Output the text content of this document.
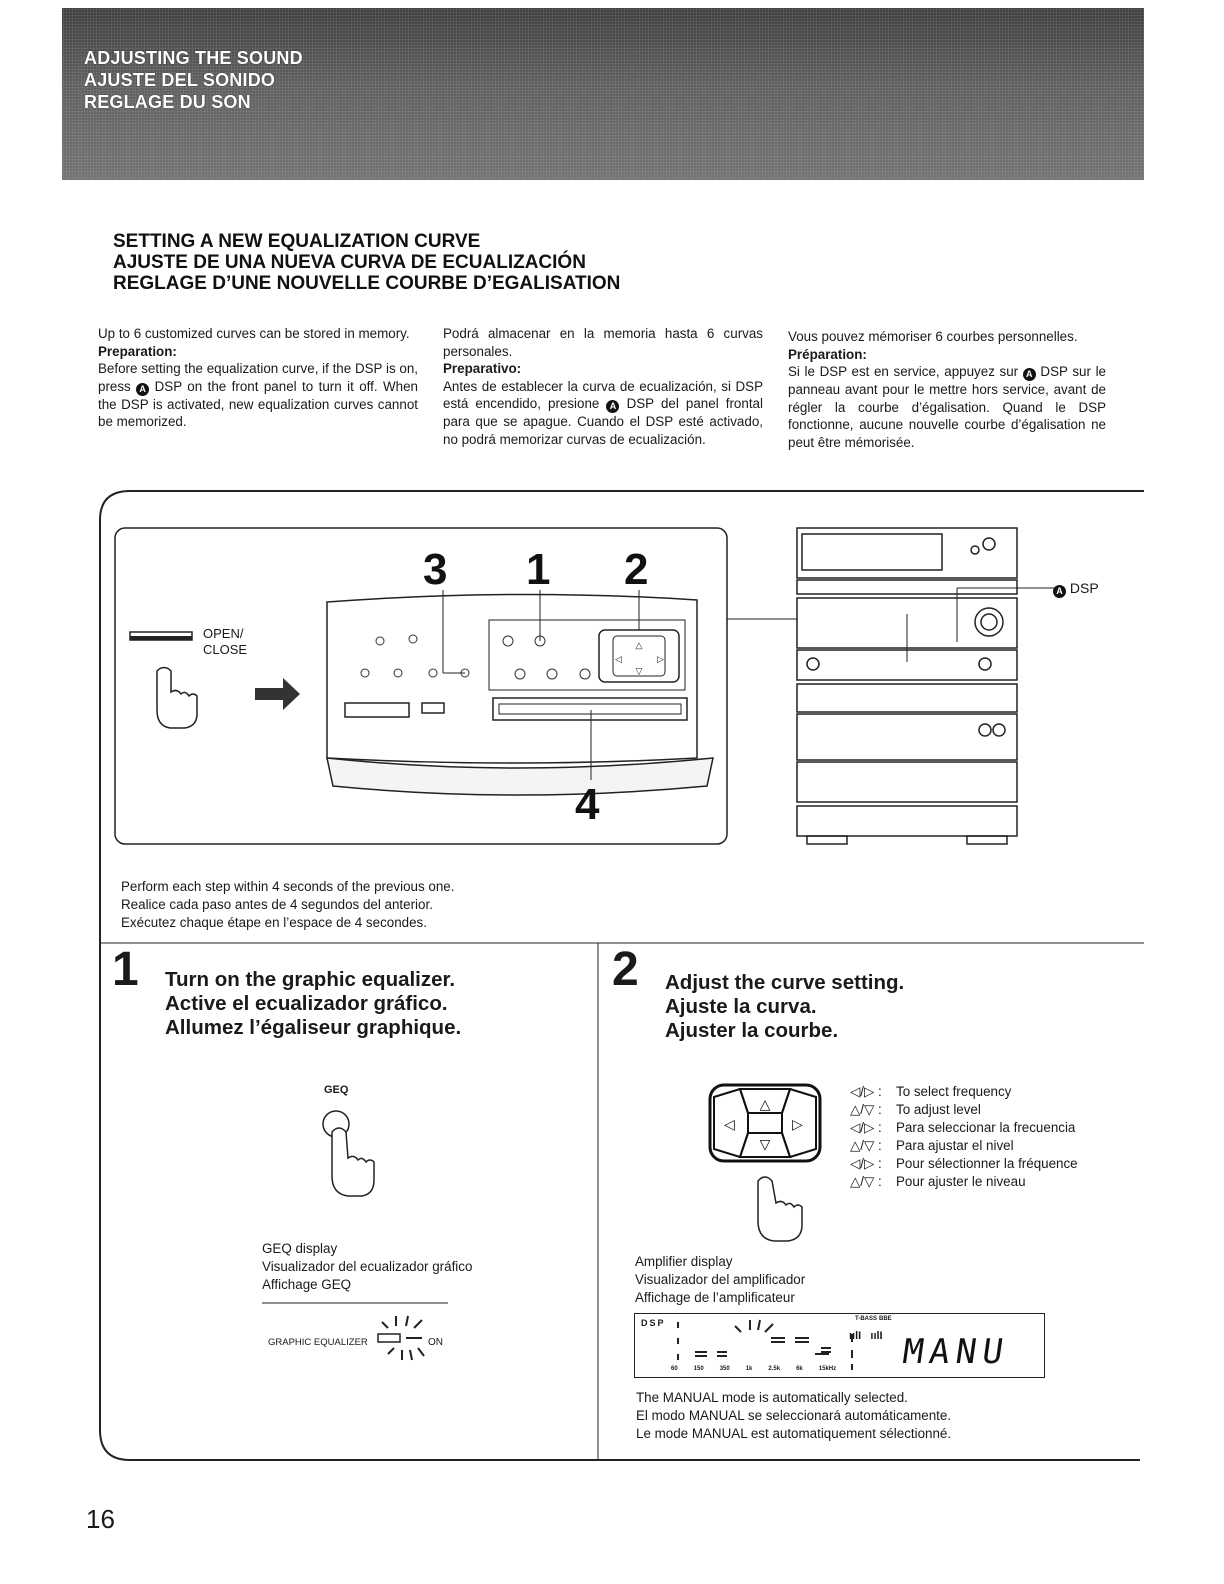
ADJUSTING THE SOUND
AJUSTE DEL SONIDO
REGLAGE DU SON
SETTING A NEW EQUALIZATION CURVE
AJUSTE DE UNA NUEVA CURVA DE ECUALIZACIÓN
REGLAGE D’UNE NOUVELLE COURBE D’EGALISATION
Up to 6 customized curves can be stored in memory.
Preparation:
Before setting the equalization curve, if the DSP is on, press A DSP on the front panel to turn it off. When the DSP is activated, new equalization curves cannot be memorized.
Podrá almacenar en la memoria hasta 6 curvas personales.
Preparativo:
Antes de establecer la curva de ecualización, si DSP está encendido, presione A DSP del panel frontal para que se apague. Cuando el DSP esté activado, no podrá memorizar curvas de ecualización.
Vous pouvez mémoriser 6 courbes personnelles.
Préparation:
Si le DSP est en service, appuyez sur A DSP sur le panneau avant pour le mettre hors service, avant de régler la courbe d’égalisation. Quand le DSP fonctionne, aucune nouvelle courbe d’égalisation ne peut être mémorisée.
△
▽
◁	▷
3 1 2
4
OPEN/
CLOSE
A DSP
Perform each step within 4 seconds of the previous one.
Realice cada paso antes de 4 segundos del anterior.
Exécutez chaque étape en l’espace de 4 secondes.
1 Turn on the graphic equalizer.
Active el ecualizador gráfico.
Allumez l’égaliseur graphique.
GEQ
GEQ display
Visualizador del ecualizador gráfico
Affichage GEQ
GRAPHIC EQUALIZER	ON
2 Adjust the curve setting.
Ajuste la curva.
Ajuster la courbe.
△
▽
◁	▷
◁/▷ : To select frequency
△/▽ : To adjust level
◁/▷ : Para seleccionar la frecuencia
△/▽ : Para ajustar el nivel
◁/▷ : Pour sélectionner la fréquence
△/▽ : Pour ajuster le niveau
Amplifier display
Visualizador del amplificador
Affichage de l’amplificateur
DSP	T-BASS BBE
ıılI   ıılI
60	150	350	1k	2.5k	6k	15kHz MANU
The MANUAL mode is automatically selected.
El modo MANUAL se seleccionará automáticamente.
Le mode MANUAL est automatiquement sélectionné.
16
